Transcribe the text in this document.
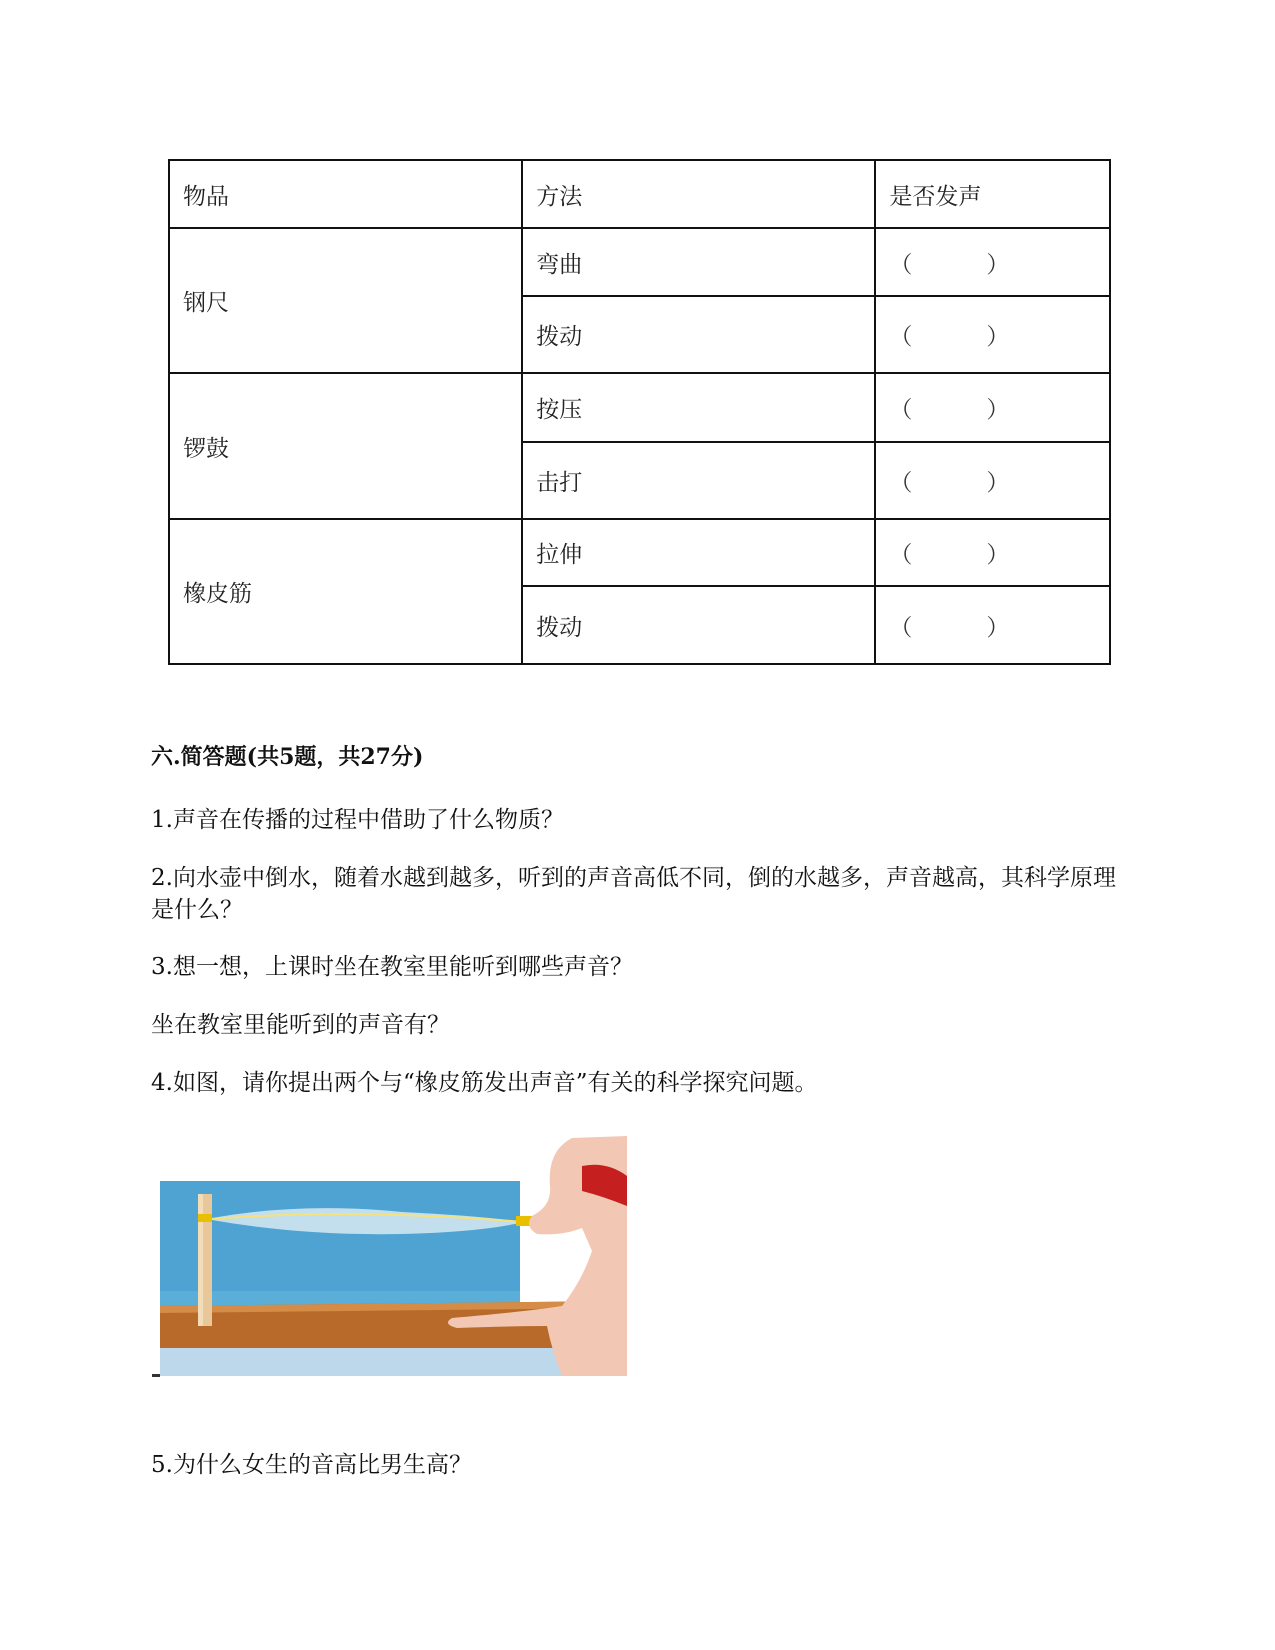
物品	方法	是否发声
钢尺	弯曲	（ ）
	拨动	（ ）
锣鼓	按压	（ ）
	击打	（ ）
橡皮筋	拉伸	（ ）
	拨动	（ ）
六.简答题(共5题，共27分)
1.声音在传播的过程中借助了什么物质？
2.向水壶中倒水，随着水越到越多，听到的声音高低不同，倒的水越多，声音越高，其科学原理是什么？
3.想一想，上课时坐在教室里能听到哪些声音？
坐在教室里能听到的声音有？
4.如图，请你提出两个与“橡皮筋发出声音”有关的科学探究问题。
5.为什么女生的音高比男生高？
